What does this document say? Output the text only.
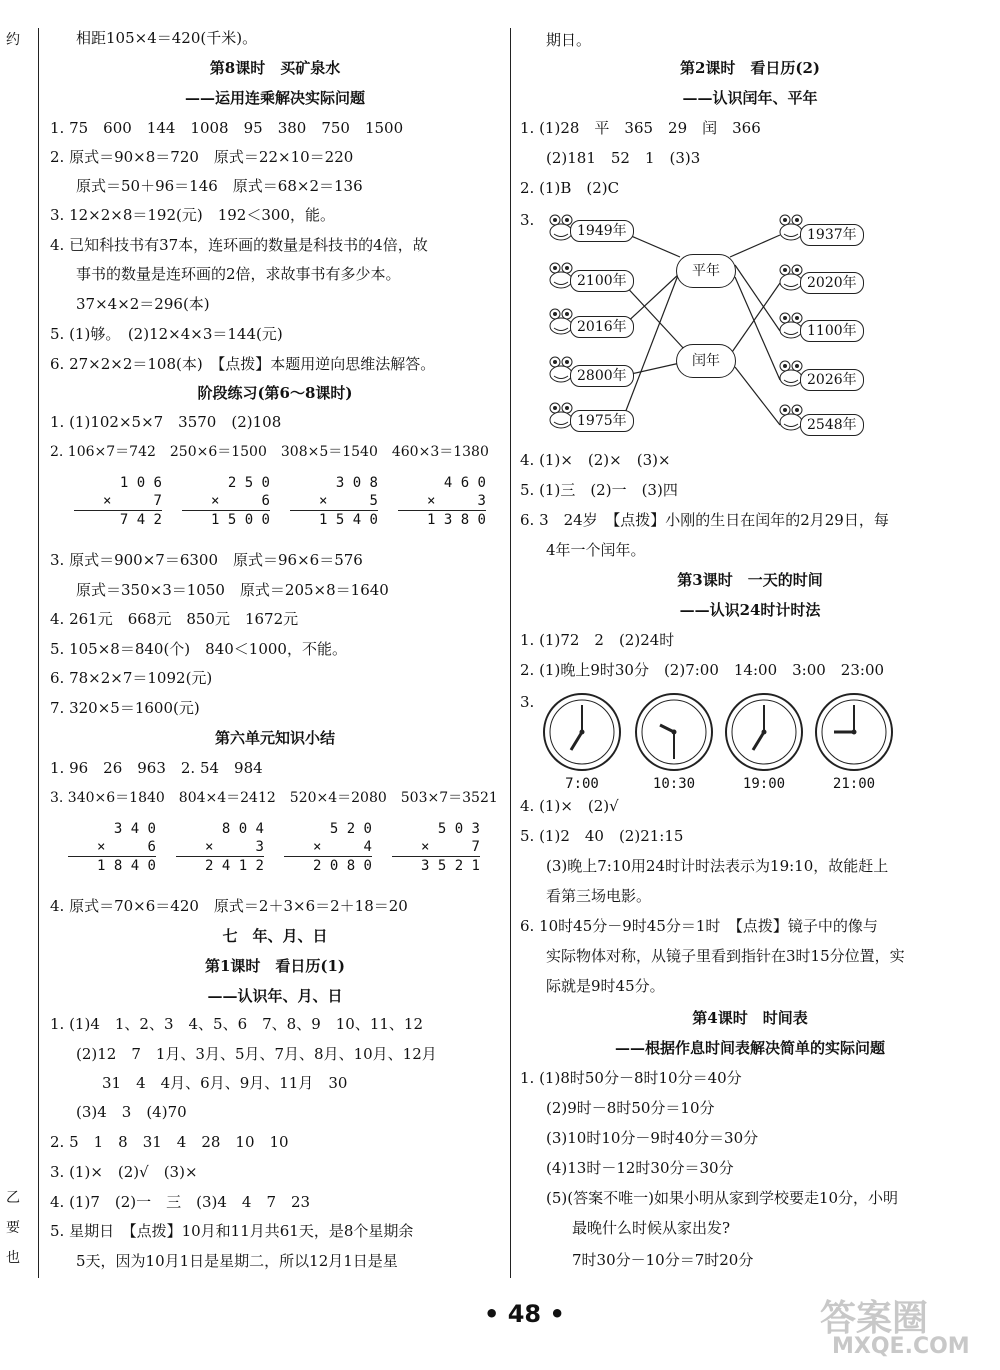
约
乙
要
也
相距105×4＝420(千米)。
第8课时　买矿泉水
——运用连乘解决实际问题
1. 75　600　144　1008　95　380　750　1500
2. 原式＝90×8＝720　原式＝22×10＝220
原式＝50＋96＝146　原式＝68×2＝136
3. 12×2×8＝192(元)　192＜300，能。
4. 已知科技书有37本，连环画的数量是科技书的4倍，故
事书的数量是连环画的2倍，求故事书有多少本。
37×4×2＝296(本)
5. (1)够。　(2)12×4×3＝144(元)
6. 27×2×2＝108(本)　【点拨】本题用逆向思维法解答。
阶段练习(第6～8课时)
1. (1)102×5×7　3570　(2)108
2. 106×7＝742　250×6＝1500　308×5＝1540　460×3＝1380
1 0 6
×     7
7 4 2
2 5 0
×     6
1 5 0 0
3 0 8
×     5
1 5 4 0
4 6 0
×     3
1 3 8 0
3. 原式＝900×7＝6300　原式＝96×6＝576
原式＝350×3＝1050　原式＝205×8＝1640
4. 261元　668元　850元　1672元
5. 105×8＝840(个)　840＜1000，不能。
6. 78×2×7＝1092(元)
7. 320×5＝1600(元)
第六单元知识小结
1. 96　26　963　2. 54　984
3. 340×6＝1840　804×4＝2412　520×4＝2080　503×7＝3521
3 4 0
×     6
1 8 4 0
8 0 4
×     3
2 4 1 2
5 2 0
×     4
2 0 8 0
5 0 3
×     7
3 5 2 1
4. 原式＝70×6＝420　原式＝2＋3×6＝2＋18＝20
七　年、月、日
第1课时　看日历(1)
——认识年、月、日
1. (1)4　1、2、3　4、5、6　7、8、9　10、11、12
(2)12　7　1月、3月、5月、7月、8月、10月、12月
31　4　4月、6月、9月、11月　30
(3)4　3　(4)70
2. 5　1　8　31　4　28　10　10
3. (1)×　(2)√　(3)×
4. (1)7　(2)一　三　(3)4　4　7　23
5. 星期日　【点拨】10月和11月共61天，是8个星期余
5天，因为10月1日是星期二，所以12月1日是星
期日。
第2课时　看日历(2)
——认识闰年、平年
1. (1)28　平　365　29　闰　366
(2)181　52　1　(3)3
2. (1)B　(2)C
3.
1949年
2100年
2016年
2800年
1975年
平年
闰年
1937年
2020年
1100年
2026年
2548年
4. (1)×　(2)×　(3)×
5. (1)三　(2)一　(3)四
6. 3　24岁　【点拨】小刚的生日在闰年的2月29日，每
4年一个闰年。
第3课时　一天的时间
——认识24时计时法
1. (1)72　2　(2)24时
2. (1)晚上9时30分　(2)7:00　14:00　3:00　23:00
3.
7:00	10:30	19:00	21:00
4. (1)×　(2)√
5. (1)2　40　(2)21:15
(3)晚上7:10用24时计时法表示为19:10，故能赶上
看第三场电影。
6. 10时45分－9时45分＝1时　【点拨】镜子中的像与
实际物体对称，从镜子里看到指针在3时15分位置，实
际就是9时45分。
第4课时　时间表
——根据作息时间表解决简单的实际问题
1. (1)8时50分－8时10分＝40分
(2)9时－8时50分＝10分
(3)10时10分－9时40分＝30分
(4)13时－12时30分＝30分
(5)(答案不唯一)如果小明从家到学校要走10分，小明
最晚什么时候从家出发?
7时30分－10分＝7时20分
• 48 •	答案圈
MXQE.COM
